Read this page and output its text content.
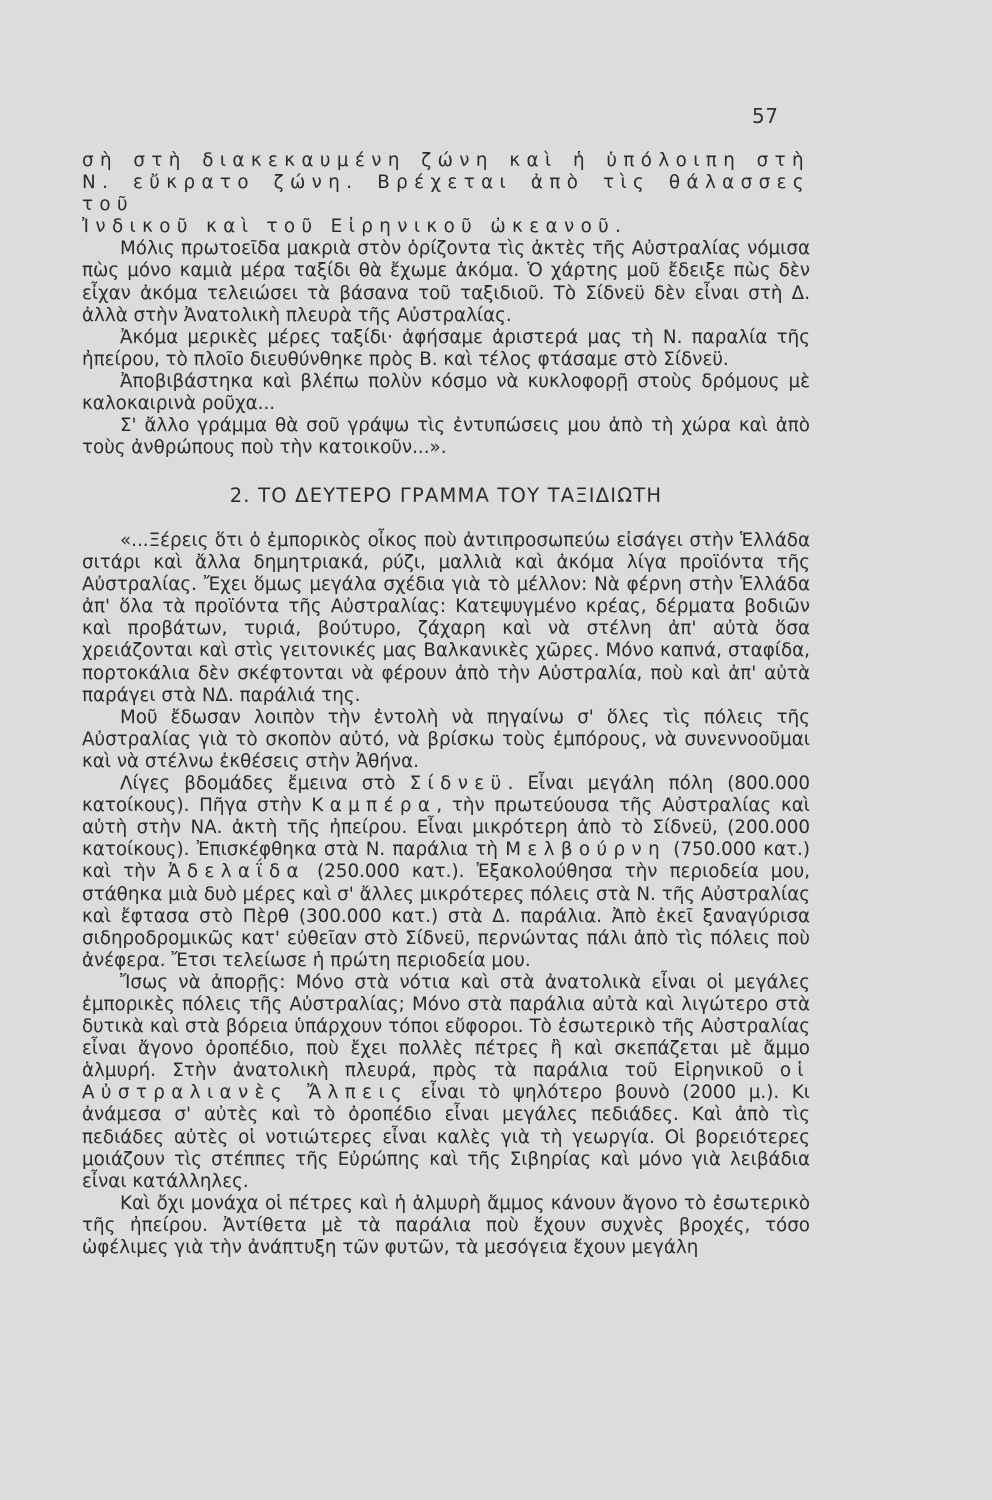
57

σὴ στὴ διακεκαυμένη ζώνη καὶ ἡ ὑπόλοιπη στὴ

Ν. εὔκρατο ζώνη. Βρέχεται ἀπὸ τὶς θάλασσες τοῦ

Ἰνδικοῦ καὶ τοῦ Εἰρηνικοῦ ὠκεανοῦ.

Μόλις πρωτοεῖδα μακριὰ στὸν ὁρίζοντα τὶς ἀκτὲς τῆς Αὐστραλίας νόμισα πὼς μόνο καμιὰ μέρα ταξίδι θὰ ἔχωμε ἀκόμα. Ὁ χάρτης μοῦ ἔδειξε πὼς δὲν εἶχαν ἀκόμα τελειώσει τὰ βάσανα τοῦ ταξιδιοῦ. Τὸ Σίδνεϋ δὲν εἶναι στὴ Δ. ἀλλὰ στὴν Ἀνατολικὴ πλευρὰ τῆς Αὐστραλίας.

Ἀκόμα μερικὲς μέρες ταξίδι· ἀφήσαμε ἀριστερά μας τὴ Ν. παραλία τῆς ἠπείρου, τὸ πλοῖο διευθύνθηκε πρὸς Β. καὶ τέλος φτάσαμε στὸ Σίδνεϋ.

Ἀποβιβάστηκα καὶ βλέπω πολὺν κόσμο νὰ κυκλοφορῇ στοὺς δρόμους μὲ καλοκαιρινὰ ροῦχα...

Σ' ἄλλο γράμμα θὰ σοῦ γράψω τὶς ἐντυπώσεις μου ἀπὸ τὴ χώρα καὶ ἀπὸ τοὺς ἀνθρώπους ποὺ τὴν κατοικοῦν...».

2. ΤΟ ΔΕΥΤΕΡΟ ΓΡΑΜΜΑ ΤΟΥ ΤΑΞΙΔΙΩΤΗ

«...Ξέρεις ὅτι ὁ ἐμπορικὸς οἶκος ποὺ ἀντιπροσωπεύω εἰσάγει στὴν Ἑλλάδα σιτάρι καὶ ἄλλα δημητριακά, ρύζι, μαλλιὰ καὶ ἀκόμα λίγα προϊόντα τῆς Αὐστραλίας. Ἔχει ὅμως μεγάλα σχέδια γιὰ τὸ μέλλον: Νὰ φέρνη στὴν Ἑλλάδα ἀπ' ὅλα τὰ προϊόντα τῆς Αὐστραλίας: Κατεψυγμένο κρέας, δέρματα βοδιῶν καὶ προβάτων, τυριά, βούτυρο, ζάχαρη καὶ νὰ στέλνη ἀπ' αὐτὰ ὅσα χρειάζονται καὶ στὶς γειτονικές μας Βαλκανικὲς χῶρες. Μόνο καπνά, σταφίδα, πορτοκάλια δὲν σκέφτονται νὰ φέρουν ἀπὸ τὴν Αὐστραλία, ποὺ καὶ ἀπ' αὐτὰ παράγει στὰ ΝΔ. παράλιά της.

Μοῦ ἔδωσαν λοιπὸν τὴν ἐντολὴ νὰ πηγαίνω σ' ὅλες τὶς πόλεις τῆς Αὐστραλίας γιὰ τὸ σκοπὸν αὐτό, νὰ βρίσκω τοὺς ἐμπόρους, νὰ συνεννοοῦμαι καὶ νὰ στέλνω ἐκθέσεις στὴν Ἀθήνα.

Λίγες βδομάδες ἔμεινα στὸ Σίδνεϋ. Εἶναι μεγάλη πόλη (800.000 κατοίκους). Πῆγα στὴν Καμπέρα, τὴν πρωτεύουσα τῆς Αὐστραλίας καὶ αὐτὴ στὴν ΝΑ. ἀκτὴ τῆς ἠπείρου. Εἶναι μικρότερη ἀπὸ τὸ Σίδνεϋ, (200.000 κατοίκους). Ἐπισκέφθηκα στὰ Ν. παράλια τὴ Μελβούρνη (750.000 κατ.) καὶ τὴν Ἀδελαΐδα (250.000 κατ.). Ἐξακολούθησα τὴν περιοδεία μου, στάθηκα μιὰ δυὸ μέρες καὶ σ' ἄλλες μικρότερες πόλεις στὰ Ν. τῆς Αὐστραλίας καὶ ἔφτασα στὸ Πὲρθ (300.000 κατ.) στὰ Δ. παράλια. Ἀπὸ ἐκεῖ ξαναγύρισα σιδηροδρομικῶς κατ' εὐθεῖαν στὸ Σίδνεϋ, περνώντας πάλι ἀπὸ τὶς πόλεις ποὺ ἀνέφερα. Ἔτσι τελείωσε ἡ πρώτη περιοδεία μου.

Ἴσως νὰ ἀπορῇς: Μόνο στὰ νότια καὶ στὰ ἀνατολικὰ εἶναι οἱ μεγάλες ἐμπορικὲς πόλεις τῆς Αὐστραλίας; Μόνο στὰ παράλια αὐτὰ καὶ λιγώτερο στὰ δυτικὰ καὶ στὰ βόρεια ὑπάρχουν τόποι εὔφοροι. Τὸ ἐσωτερικὸ τῆς Αὐστραλίας εἶναι ἄγονο ὀροπέδιο, ποὺ ἔχει πολλὲς πέτρες ἢ καὶ σκεπάζεται μὲ ἄμμο ἁλμυρή. Στὴν ἀνατολικὴ πλευρά, πρὸς τὰ παράλια τοῦ Εἰρηνικοῦ οἱ Αὐστραλιανὲς Ἄλπεις εἶναι τὸ ψηλότερο βουνὸ (2000 μ.). Κι ἀνάμεσα σ' αὐτὲς καὶ τὸ ὀροπέδιο εἶναι μεγάλες πεδιάδες. Καὶ ἀπὸ τὶς πεδιάδες αὐτὲς οἱ νοτιώτερες εἶναι καλὲς γιὰ τὴ γεωργία. Οἱ βορειότερες μοιάζουν τὶς στέππες τῆς Εὐρώπης καὶ τῆς Σιβηρίας καὶ μόνο γιὰ λειβάδια εἶναι κατάλληλες.

Καὶ ὄχι μονάχα οἱ πέτρες καὶ ἡ ἁλμυρὴ ἄμμος κάνουν ἄγονο τὸ ἐσωτερικὸ τῆς ἠπείρου. Ἀντίθετα μὲ τὰ παράλια ποὺ ἔχουν συχνὲς βροχές, τόσο ὠφέλιμες γιὰ τὴν ἀνάπτυξη τῶν φυτῶν, τὰ μεσόγεια ἔχουν μεγάλη
